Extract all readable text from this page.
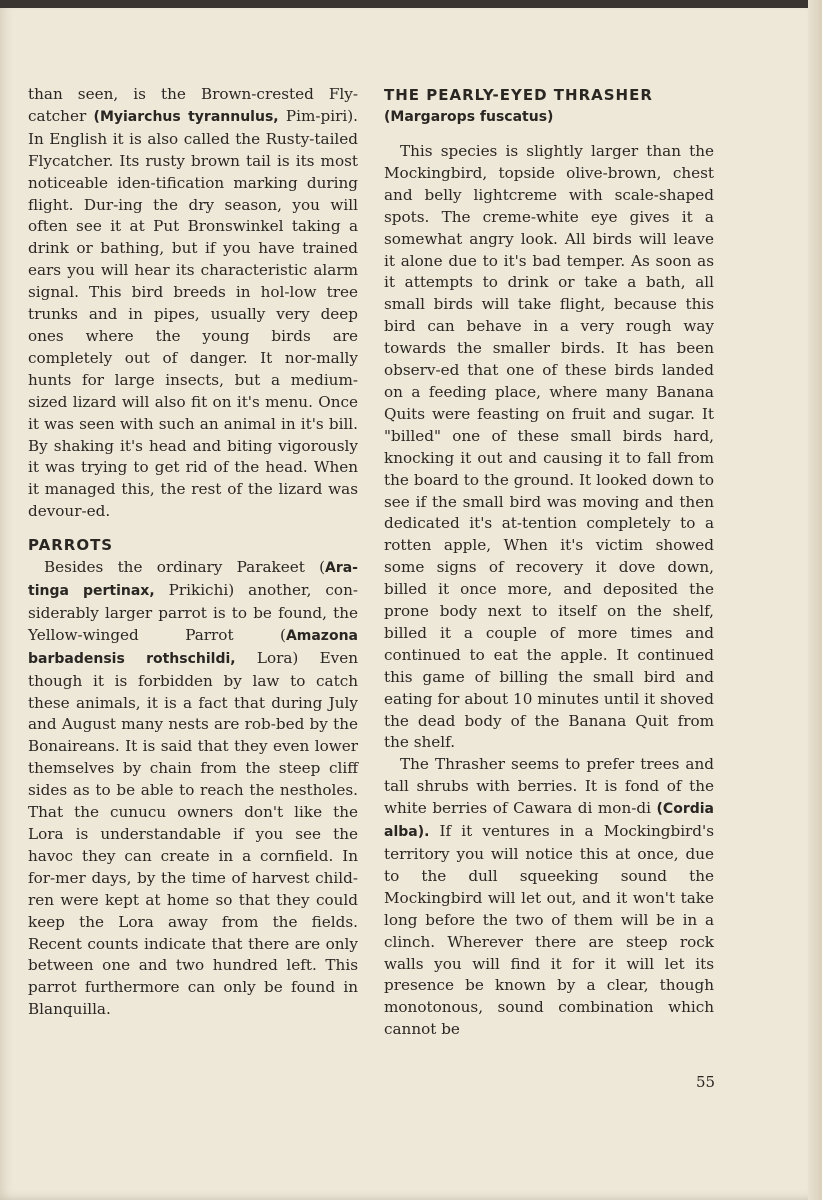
than seen, is the Brown-crested Fly-catcher (Myiarchus tyrannulus, Pim-piri). In English it is also called the Rusty-tailed Flycatcher. Its rusty brown tail is its most noticeable iden-tification marking during flight. Dur-ing the dry season, you will often see it at Put Bronswinkel taking a drink or bathing, but if you have trained ears you will hear its characteristic alarm signal. This bird breeds in hol-low tree trunks and in pipes, usually very deep ones where the young birds are completely out of danger. It nor-mally hunts for large insects, but a medium-sized lizard will also fit on it's menu. Once it was seen with such an animal in it's bill. By shaking it's head and biting vigorously it was trying to get rid of the head. When it managed this, the rest of the lizard was devour-ed.

PARROTS

Besides the ordinary Parakeet (Ara-tinga pertinax, Prikichi) another, con-siderably larger parrot is to be found, the Yellow-winged Parrot (Amazona barbadensis rothschildi, Lora) Even though it is forbidden by law to catch these animals, it is a fact that during July and August many nests are rob-bed by the Bonaireans. It is said that they even lower themselves by chain from the steep cliff sides as to be able to reach the nestholes. That the cunucu owners don't like the Lora is understandable if you see the havoc they can create in a cornfield. In for-mer days, by the time of harvest child-ren were kept at home so that they could keep the Lora away from the fields. Recent counts indicate that there are only between one and two hundred left. This parrot furthermore can only be found in Blanquilla.

THE PEARLY-EYED THRASHER
(Margarops fuscatus)

This species is slightly larger than the Mockingbird, topside olive-brown, chest and belly lightcreme with scale-shaped spots. The creme-white eye gives it a somewhat angry look. All birds will leave it alone due to it's bad temper. As soon as it attempts to drink or take a bath, all small birds will take flight, because this bird can behave in a very rough way towards the smaller birds. It has been observ-ed that one of these birds landed on a feeding place, where many Banana Quits were feasting on fruit and sugar. It "billed" one of these small birds hard, knocking it out and causing it to fall from the board to the ground. It looked down to see if the small bird was moving and then dedicated it's at-tention completely to a rotten apple, When it's victim showed some signs of recovery it dove down, billed it once more, and deposited the prone body next to itself on the shelf, billed it a couple of more times and continued to eat the apple. It continued this game of billing the small bird and eating for about 10 minutes until it shoved the dead body of the Banana Quit from the shelf.

The Thrasher seems to prefer trees and tall shrubs with berries. It is fond of the white berries of Cawara di mon-di (Cordia alba). If it ventures in a Mockingbird's territory you will notice this at once, due to the dull squeeking sound the Mockingbird will let out, and it won't take long before the two of them will be in a clinch. Wherever there are steep rock walls you will find it for it will let its presence be known by a clear, though monotonous, sound combination which cannot be

55
